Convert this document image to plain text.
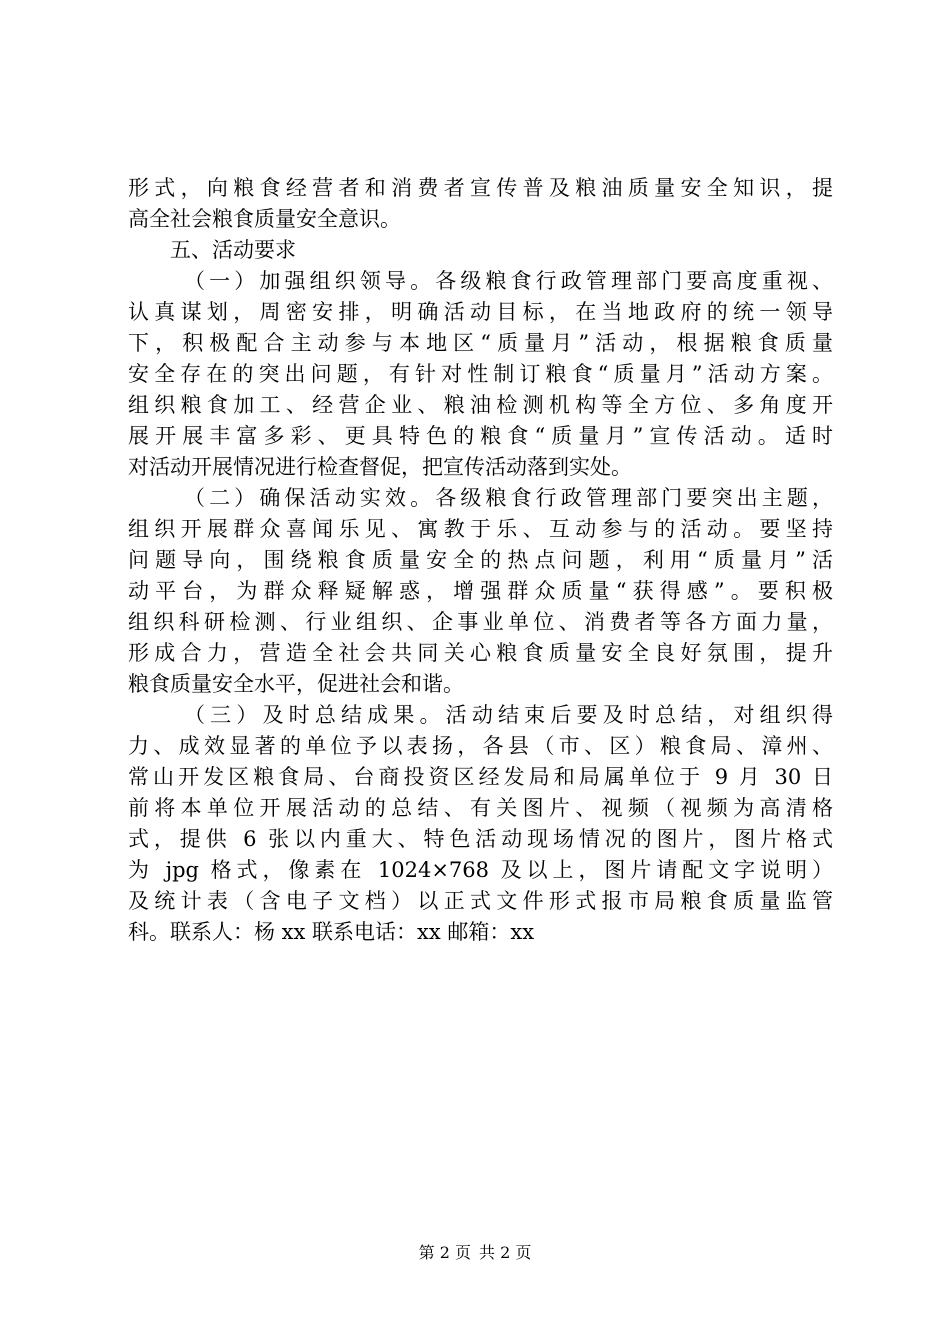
形式，向粮食经营者和消费者宣传普及粮油质量安全知识，提
高全社会粮食质量安全意识。
五、活动要求
（一）加强组织领导。各级粮食行政管理部门要高度重视、
认真谋划，周密安排，明确活动目标，在当地政府的统一领导
下，积极配合主动参与本地区“质量月”活动，根据粮食质量
安全存在的突出问题，有针对性制订粮食“质量月”活动方案。
组织粮食加工、经营企业、粮油检测机构等全方位、多角度开
展开展丰富多彩、更具特色的粮食“质量月”宣传活动。适时
对活动开展情况进行检查督促，把宣传活动落到实处。
（二）确保活动实效。各级粮食行政管理部门要突出主题，
组织开展群众喜闻乐见、寓教于乐、互动参与的活动。要坚持
问题导向，围绕粮食质量安全的热点问题，利用“质量月”活
动平台，为群众释疑解惑，增强群众质量“获得感”。要积极
组织科研检测、行业组织、企事业单位、消费者等各方面力量，
形成合力，营造全社会共同关心粮食质量安全良好氛围，提升
粮食质量安全水平，促进社会和谐。
（三）及时总结成果。活动结束后要及时总结，对组织得
力、成效显著的单位予以表扬，各县（市、区）粮食局、漳州、
常山开发区粮食局、台商投资区经发局和局属单位于 9 月 30 日
前将本单位开展活动的总结、有关图片、视频（视频为高清格
式，提供 6 张以内重大、特色活动现场情况的图片，图片格式
为 jpg 格式，像素在 1024×768 及以上，图片请配文字说明）
及统计表（含电子文档）以正式文件形式报市局粮食质量监管
科。联系人：杨 xx 联系电话：xx 邮箱：xx
第 2 页 共 2 页
